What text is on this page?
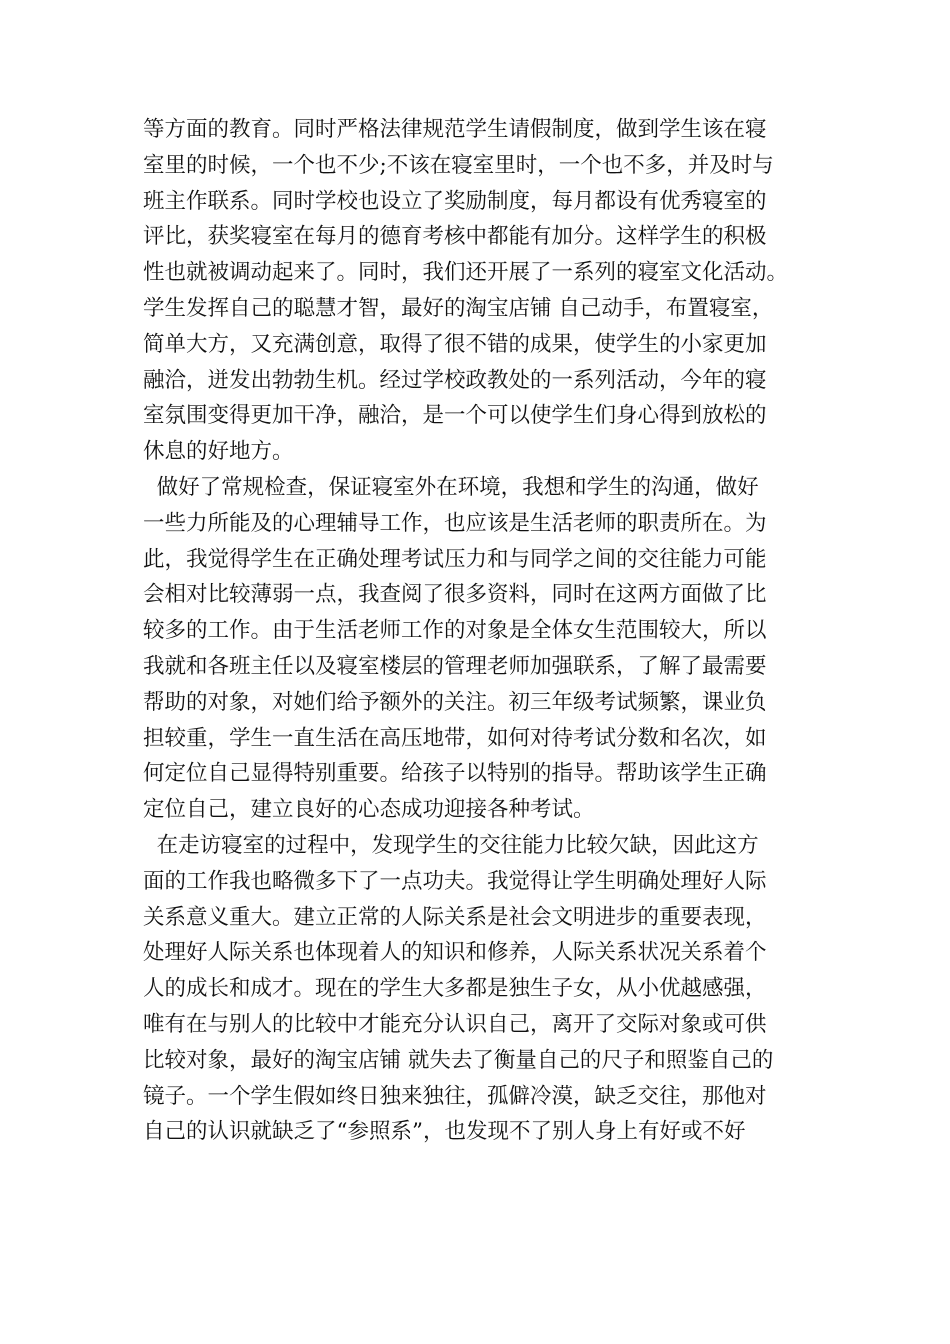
等方面的教育。同时严格法律规范学生请假制度，做到学生该在寝
室里的时候，一个也不少;不该在寝室里时，一个也不多，并及时与
班主作联系。同时学校也设立了奖励制度，每月都设有优秀寝室的
评比，获奖寝室在每月的德育考核中都能有加分。这样学生的积极
性也就被调动起来了。同时，我们还开展了一系列的寝室文化活动。
学生发挥自己的聪慧才智，最好的淘宝店铺 自己动手，布置寝室，
简单大方，又充满创意，取得了很不错的成果，使学生的小家更加
融洽，迸发出勃勃生机。经过学校政教处的一系列活动，今年的寝
室氛围变得更加干净，融洽，是一个可以使学生们身心得到放松的
休息的好地方。
做好了常规检查，保证寝室外在环境，我想和学生的沟通，做好
一些力所能及的心理辅导工作，也应该是生活老师的职责所在。为
此，我觉得学生在正确处理考试压力和与同学之间的交往能力可能
会相对比较薄弱一点，我查阅了很多资料，同时在这两方面做了比
较多的工作。由于生活老师工作的对象是全体女生范围较大，所以
我就和各班主任以及寝室楼层的管理老师加强联系，了解了最需要
帮助的对象，对她们给予额外的关注。初三年级考试频繁，课业负
担较重，学生一直生活在高压地带，如何对待考试分数和名次，如
何定位自己显得特别重要。给孩子以特别的指导。帮助该学生正确
定位自己，建立良好的心态成功迎接各种考试。
在走访寝室的过程中，发现学生的交往能力比较欠缺，因此这方
面的工作我也略微多下了一点功夫。我觉得让学生明确处理好人际
关系意义重大。建立正常的人际关系是社会文明进步的重要表现，
处理好人际关系也体现着人的知识和修养，人际关系状况关系着个
人的成长和成才。现在的学生大多都是独生子女，从小优越感强，
唯有在与别人的比较中才能充分认识自己，离开了交际对象或可供
比较对象，最好的淘宝店铺 就失去了衡量自己的尺子和照鉴自己的
镜子。一个学生假如终日独来独往，孤僻冷漠，缺乏交往，那他对
自己的认识就缺乏了“参照系”，也发现不了别人身上有好或不好
